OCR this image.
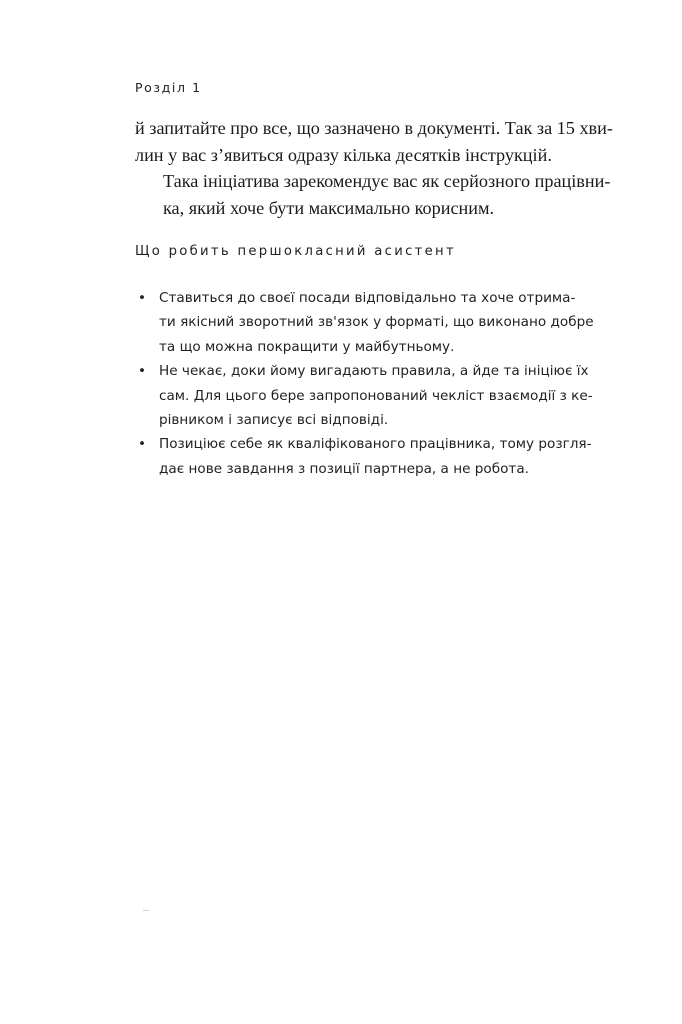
Розділ 1

й запитайте про все, що зазначено в документі. Так за 15 хви-
лин у вас з’явиться одразу кілька десятків інструкцій.

Така ініціатива зарекомендує вас як серйозного працівни-
ка, який хоче бути максимально корисним.

Що робить першокласний асистент
• Ставиться до своєї посади відповідально та хоче отрима-
ти якісний зворотний зв'язок у форматі, що виконано добре
та що можна покращити у майбутньому.
• Не чекає, доки йому вигадають правила, а йде та ініціює їх
сам. Для цього бере запропонований чекліст взаємодії з ке-
рівником і записує всі відповіді.
• Позиціює себе як кваліфікованого працівника, тому розгля-
дає нове завдання з позиції партнера, а не робота.
